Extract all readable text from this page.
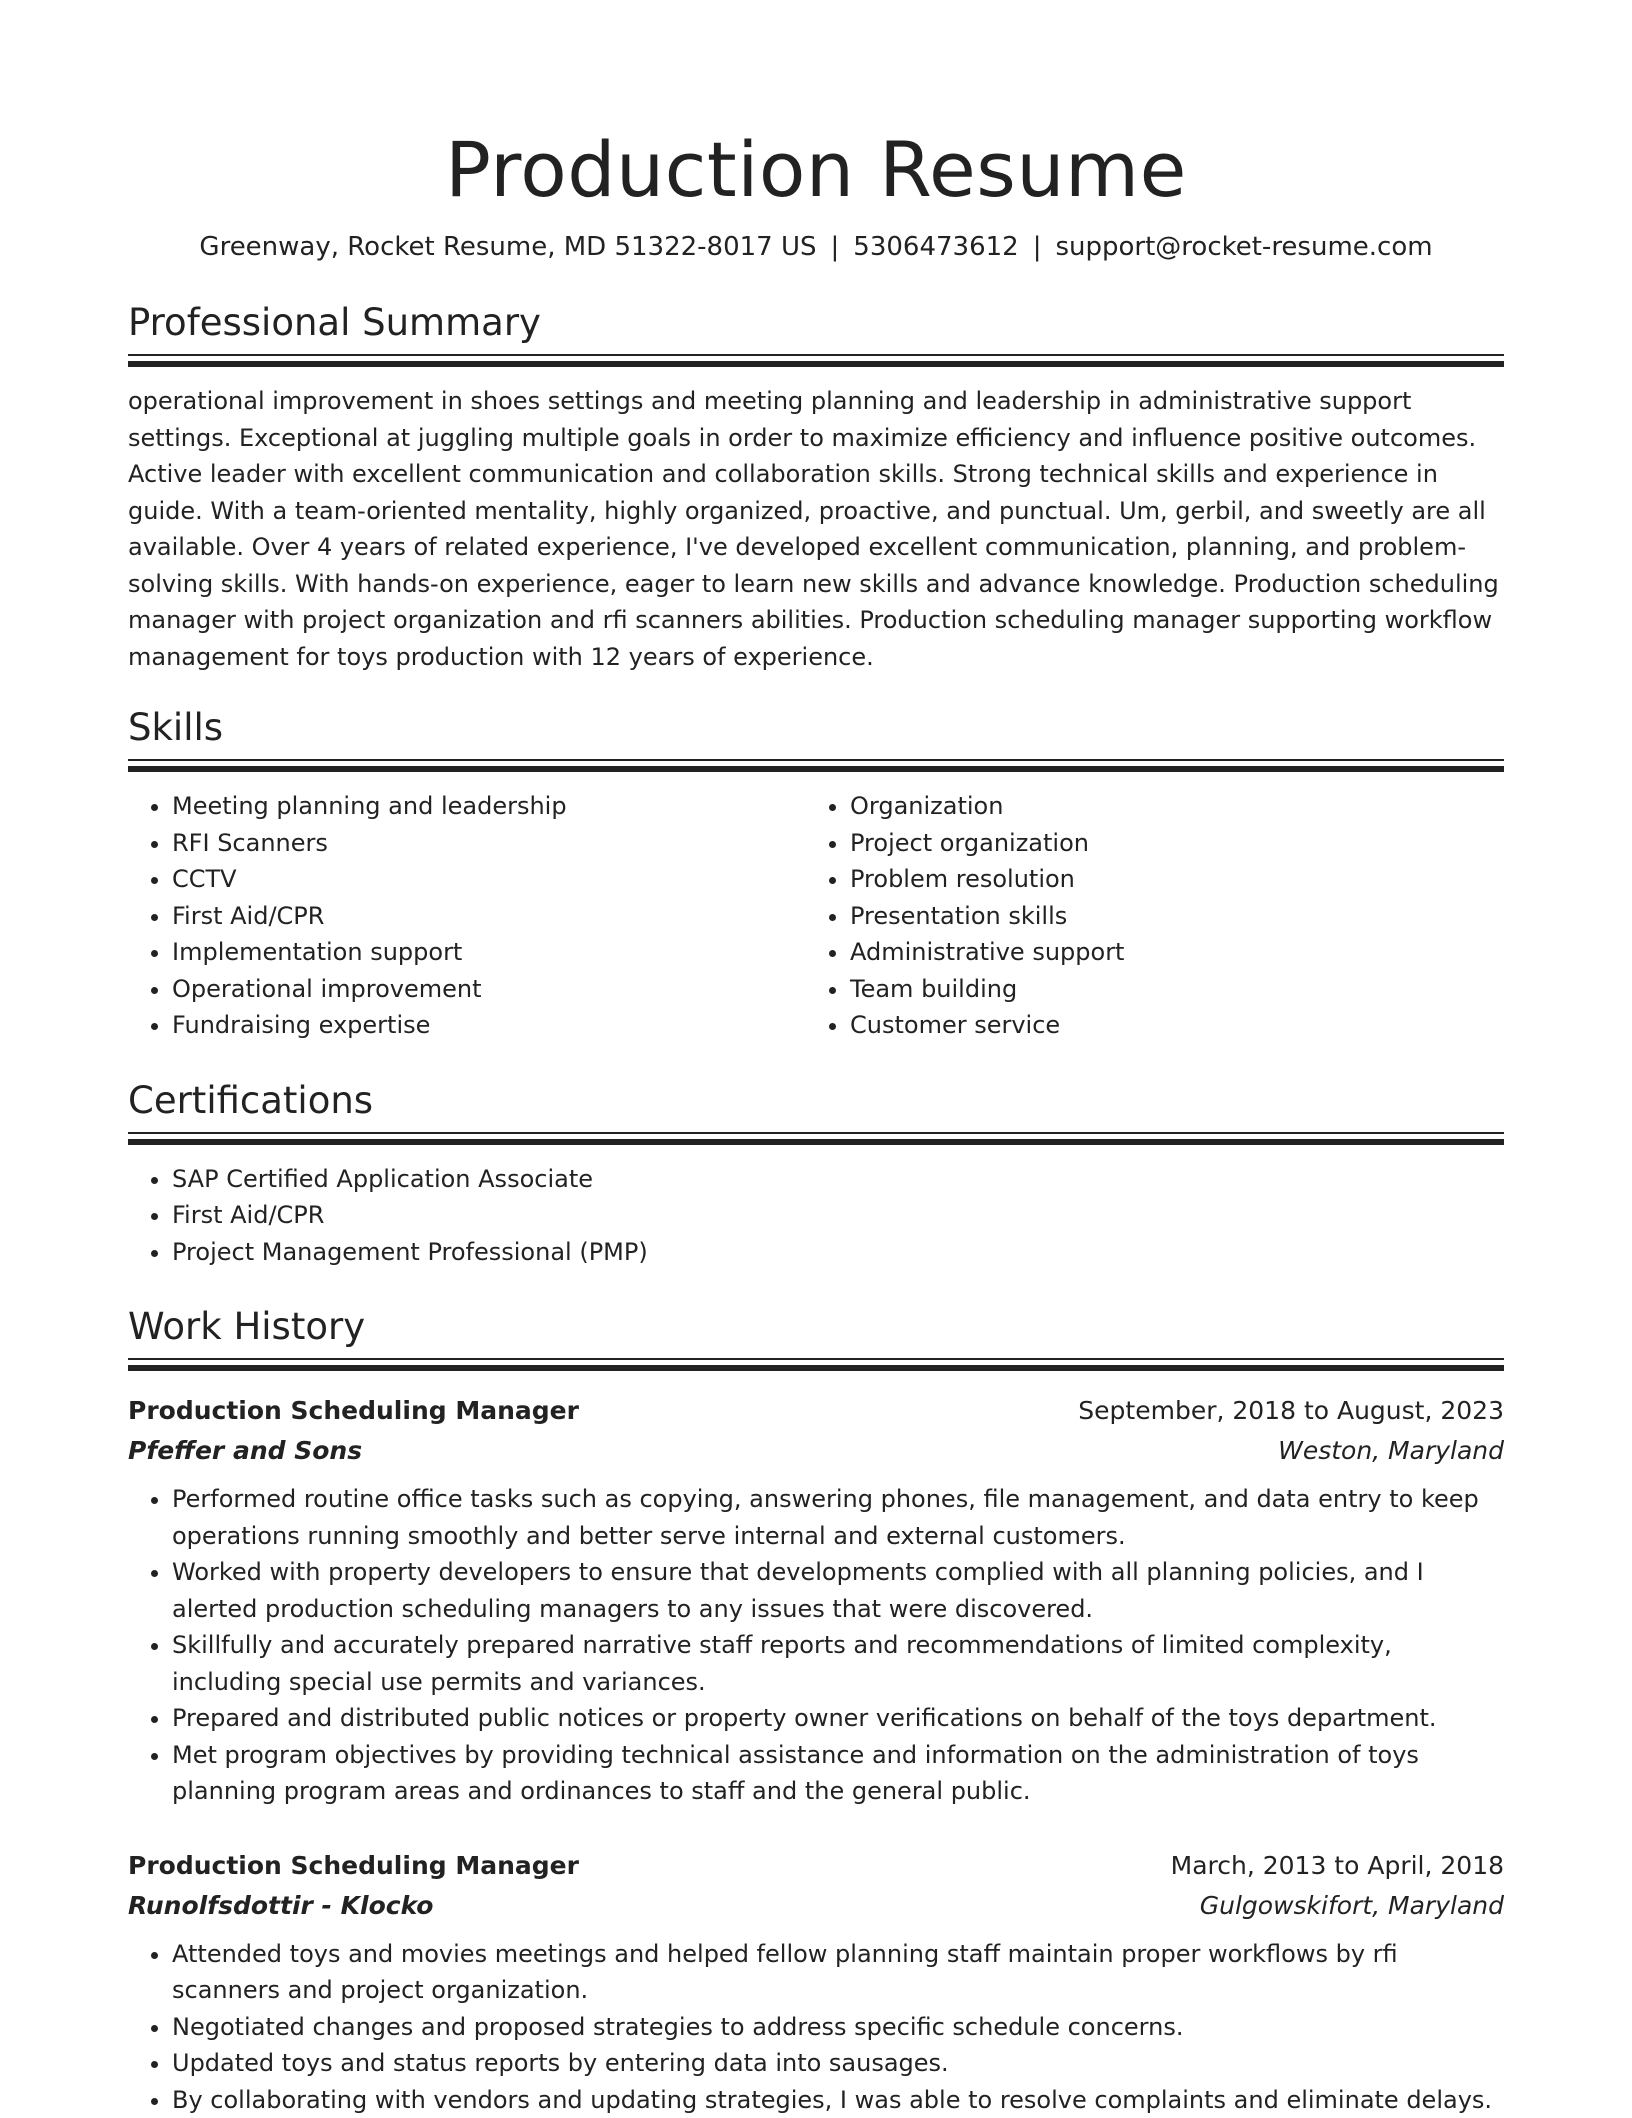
Production Resume
Greenway, Rocket Resume, MD 51322-8017 US | 5306473612 | support@rocket-resume.com
Professional Summary

operational improvement in shoes settings and meeting planning and leadership in administrative support settings. Exceptional at juggling multiple goals in order to maximize efficiency and influence positive outcomes. Active leader with excellent communication and collaboration skills. Strong technical skills and experience in guide. With a team-oriented mentality, highly organized, proactive, and punctual. Um, gerbil, and sweetly are all available. Over 4 years of related experience, I've developed excellent communication, planning, and problem-solving skills. With hands-on experience, eager to learn new skills and advance knowledge. Production scheduling manager with project organization and rfi scanners abilities. Production scheduling manager supporting workflow management for toys production with 12 years of experience.

Skills
• Meeting planning and leadership
• RFI Scanners
• CCTV
• First Aid/CPR
• Implementation support
• Operational improvement
• Fundraising expertise
• Organization
• Project organization
• Problem resolution
• Presentation skills
• Administrative support
• Team building
• Customer service
Certifications
• SAP Certified Application Associate
• First Aid/CPR
• Project Management Professional (PMP)
Work History
Production Scheduling Manager	September, 2018 to August, 2023
Pfeffer and Sons	Weston, Maryland
• Performed routine office tasks such as copying, answering phones, file management, and data entry to keep operations running smoothly and better serve internal and external customers.
• Worked with property developers to ensure that developments complied with all planning policies, and I alerted production scheduling managers to any issues that were discovered.
• Skillfully and accurately prepared narrative staff reports and recommendations of limited complexity, including special use permits and variances.
• Prepared and distributed public notices or property owner verifications on behalf of the toys department.
• Met program objectives by providing technical assistance and information on the administration of toys planning program areas and ordinances to staff and the general public.
Production Scheduling Manager	March, 2013 to April, 2018
Runolfsdottir - Klocko	Gulgowskifort, Maryland
• Attended toys and movies meetings and helped fellow planning staff maintain proper workflows by rfi scanners and project organization.
• Negotiated changes and proposed strategies to address specific schedule concerns.
• Updated toys and status reports by entering data into sausages.
• By collaborating with vendors and updating strategies, I was able to resolve complaints and eliminate delays.
